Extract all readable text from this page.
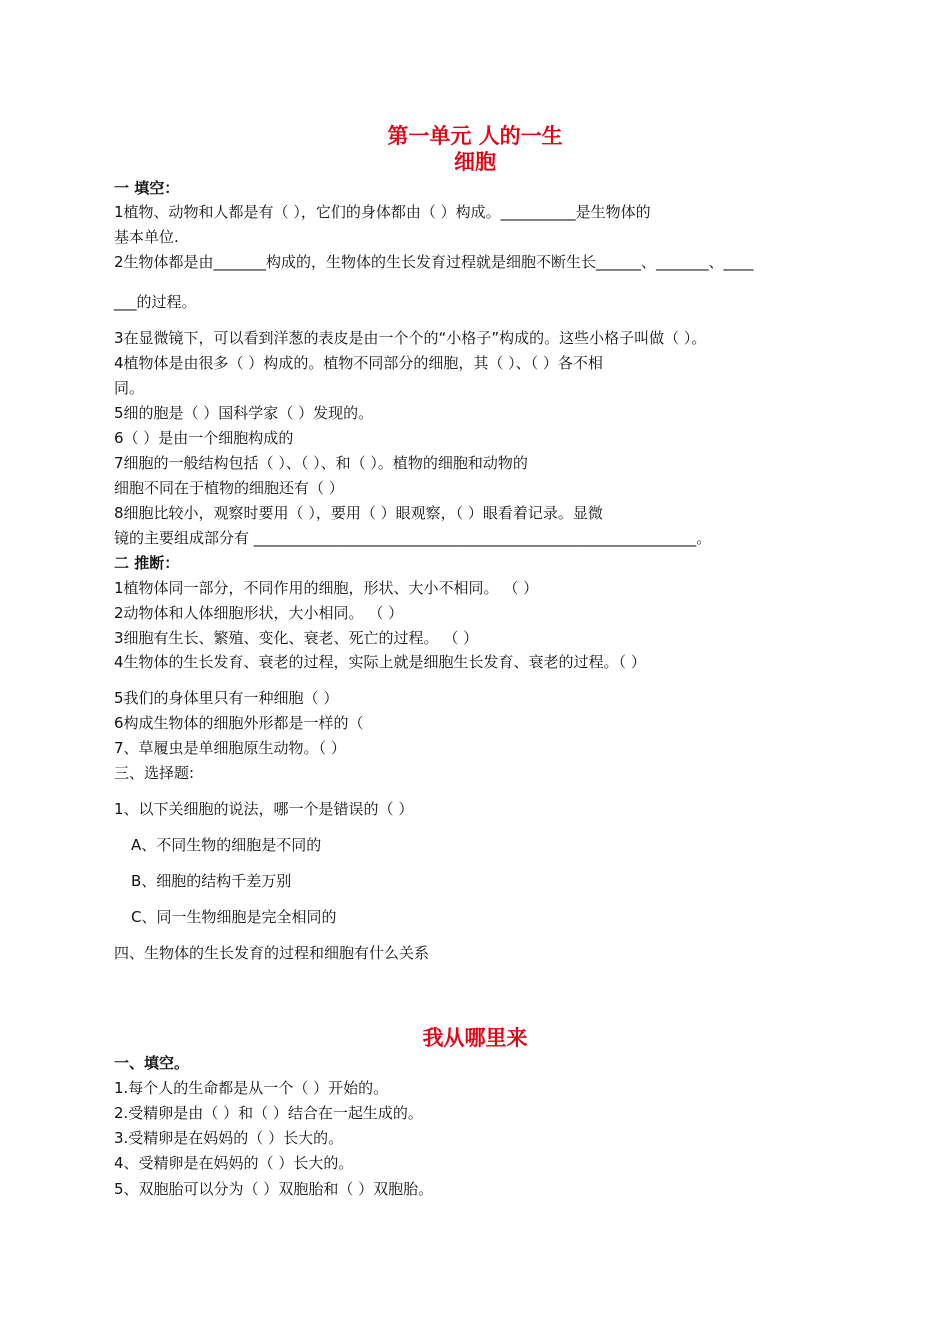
第一单元 人的一生
细胞
一 填空：
1植物、动物和人都是有（ ），它们的身体都由（ ）构成。__________是生物体的
基本单位.
2生物体都是由_______构成的，生物体的生长发育过程就是细胞不断生长______、_______、____
___的过程。
3在显微镜下，可以看到洋葱的表皮是由一个个的“小格子”构成的。这些小格子叫做（ ）。
4植物体是由很多（ ）构成的。植物不同部分的细胞，其（ ）、（ ）各不相
同。
5细的胞是（ ）国科学家（ ）发现的。
6（ ）是由一个细胞构成的
7细胞的一般结构包括（ ）、（ ）、和（ ）。植物的细胞和动物的
细胞不同在于植物的细胞还有（ ）
8细胞比较小，观察时要用（ ），要用（ ）眼观察，（ ）眼看着记录。显微
镜的主要组成部分有 ___________________________________________________________。
二 推断：
1植物体同一部分，不同作用的细胞，形状、大小不相同。 （ ）
2动物体和人体细胞形状，大小相同。 （ ）
3细胞有生长、繁殖、变化、衰老、死亡的过程。 （ ）
4生物体的生长发育、衰老的过程，实际上就是细胞生长发育、衰老的过程。（ ）
5我们的身体里只有一种细胞（ ）
6构成生物体的细胞外形都是一样的（
7、草履虫是单细胞原生动物。（ ）
三、选择题:
1、以下关细胞的说法，哪一个是错误的（ ）
A、不同生物的细胞是不同的
B、细胞的结构千差万别
C、同一生物细胞是完全相同的
四、生物体的生长发育的过程和细胞有什么关系
我从哪里来
一、填空。
1.每个人的生命都是从一个（ ）开始的。
2.受精卵是由（ ）和（ ）结合在一起生成的。
3.受精卵是在妈妈的（ ）长大的。
4、受精卵是在妈妈的（ ）长大的。
5、双胞胎可以分为（ ）双胞胎和（ ）双胞胎。
